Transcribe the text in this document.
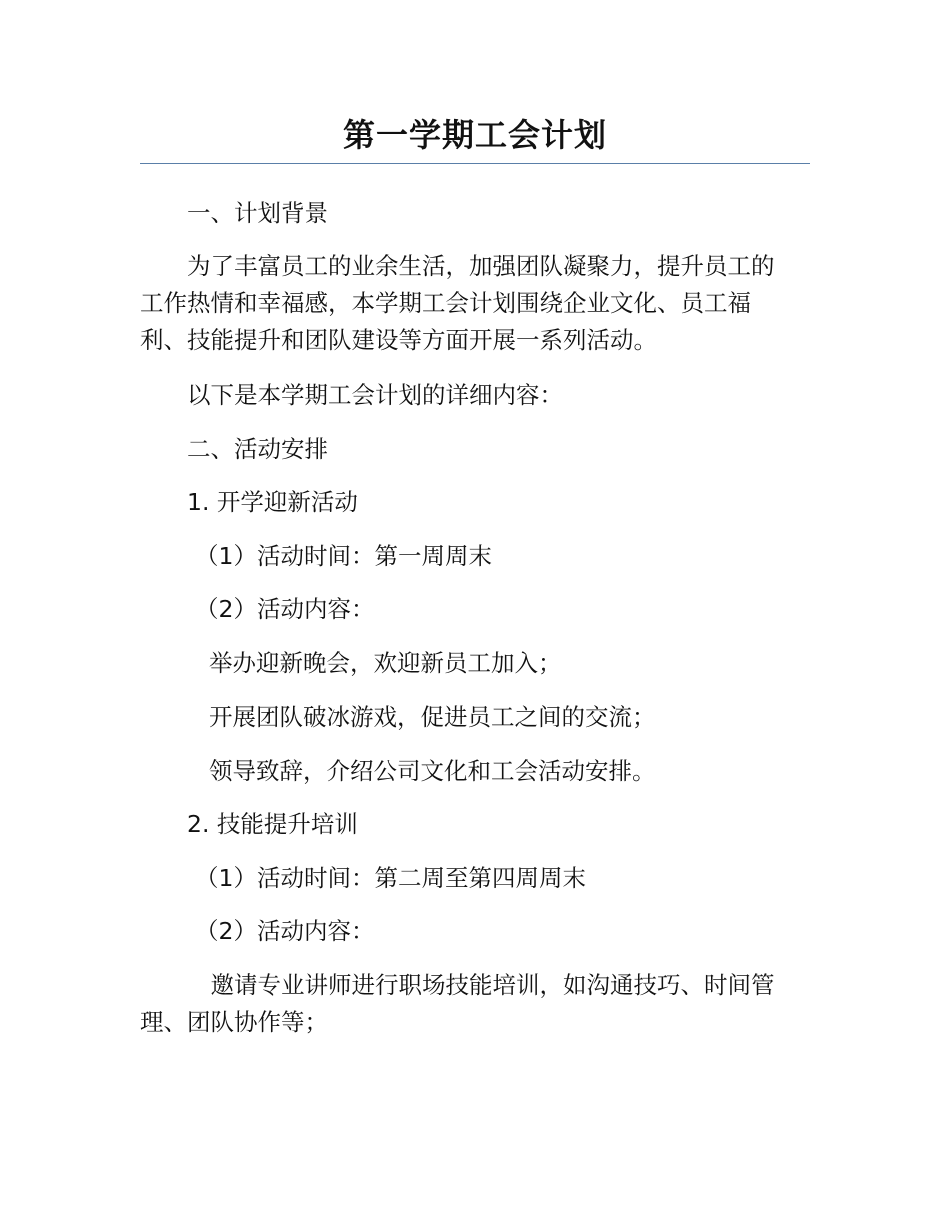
第一学期工会计划
一、计划背景
　　为了丰富员工的业余生活，加强团队凝聚力，提升员工的
工作热情和幸福感，本学期工会计划围绕企业文化、员工福
利、技能提升和团队建设等方面开展一系列活动。
以下是本学期工会计划的详细内容：
二、活动安排
1. 开学迎新活动
（1）活动时间：第一周周末
（2）活动内容：
举办迎新晚会，欢迎新员工加入；
开展团队破冰游戏，促进员工之间的交流；
领导致辞，介绍公司文化和工会活动安排。
2. 技能提升培训
（1）活动时间：第二周至第四周周末
（2）活动内容：
　邀请专业讲师进行职场技能培训，如沟通技巧、时间管
理、团队协作等；
